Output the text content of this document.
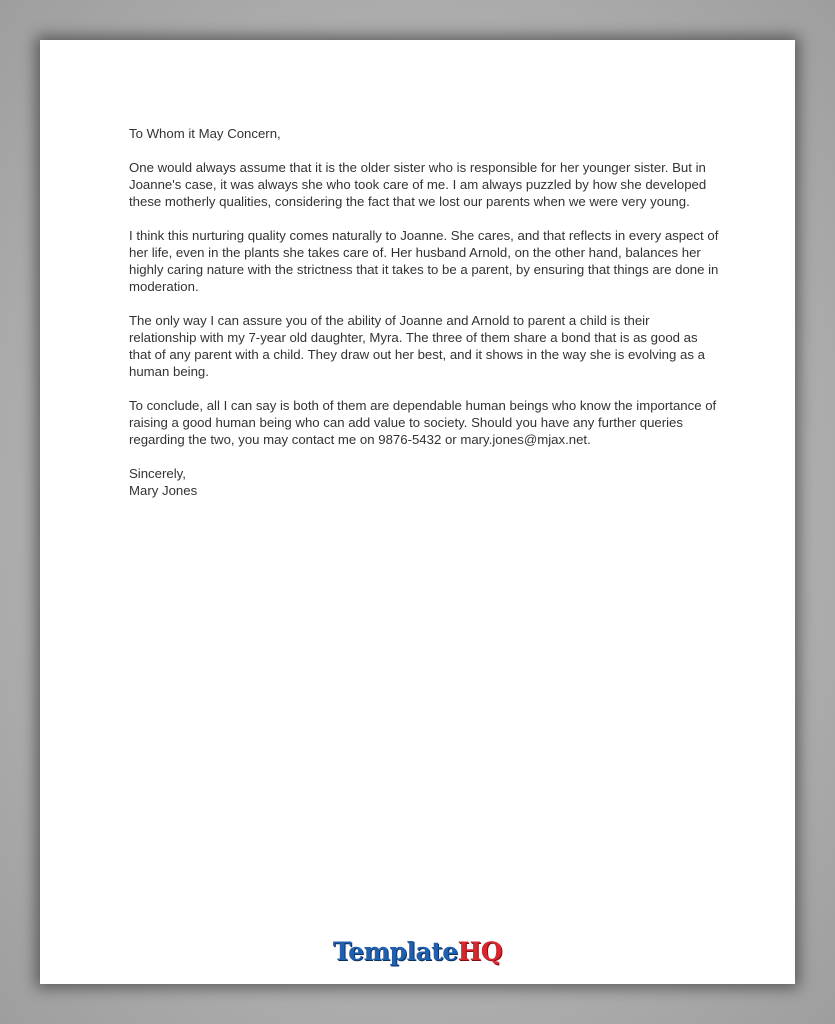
To Whom it May Concern,

One would always assume that it is the older sister who is responsible for her younger sister. But in Joanne's case, it was always she who took care of me. I am always puzzled by how she developed these motherly qualities, considering the fact that we lost our parents when we were very young.

I think this nurturing quality comes naturally to Joanne. She cares, and that reflects in every aspect of her life, even in the plants she takes care of. Her husband Arnold, on the other hand, balances her highly caring nature with the strictness that it takes to be a parent, by ensuring that things are done in moderation.

The only way I can assure you of the ability of Joanne and Arnold to parent a child is their relationship with my 7-year old daughter, Myra. The three of them share a bond that is as good as that of any parent with a child. They draw out her best, and it shows in the way she is evolving as a human being.

To conclude, all I can say is both of them are dependable human beings who know the importance of raising a good human being who can add value to society. Should you have any further queries regarding the two, you may contact me on 9876-5432 or mary.jones@mjax.net.

Sincerely,

Mary Jones

TemplateHQ
